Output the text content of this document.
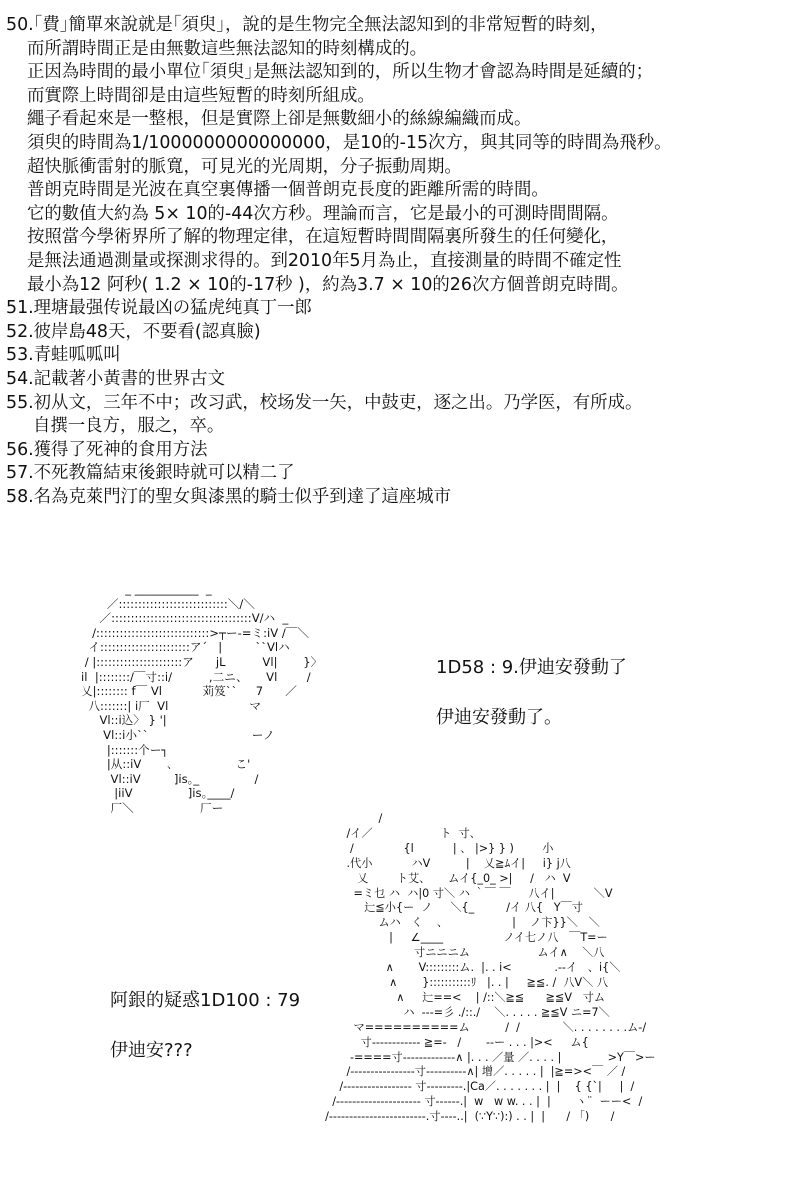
50.｢費｣簡單來說就是｢須臾｣，說的是生物完全無法認知到的非常短暫的時刻，
而所謂時間正是由無數這些無法認知的時刻構成的。
正因為時間的最小單位｢須臾｣是無法認知到的，所以生物才會認為時間是延續的；
而實際上時間卻是由這些短暫的時刻所組成。
繩子看起來是一整根，但是實際上卻是無數細小的絲線編織而成。
須臾的時間為1/1000000000000000，是10的-15次方，與其同等的時間為飛秒。
超快脈衝雷射的脈寬，可見光的光周期，分子振動周期。
普朗克時間是光波在真空裏傳播一個普朗克長度的距離所需的時間。
它的數值大約為 5× 10的-44次方秒。理論而言，它是最小的可測時間間隔。
按照當今學術界所了解的物理定律，在這短暫時間間隔裏所發生的任何變化，
是無法通過測量或探測求得的。到2010年5月為止，直接測量的時間不確定性
最小為12 阿秒( 1.2 × 10的-17秒 )，約為3.7 × 10的26次方個普朗克時間。
51.理塘最强传说最凶の猛虎纯真丁一郎
52.彼岸島48天，不要看(認真臉)
53.青蛙呱呱叫
54.記載著小黃書的世界古文
55.初从文，三年不中；改习武，校场发一矢，中鼓吏，逐之出。乃学医，有所成。
自撰一良方，服之，卒。
56.獲得了死神的食用方法
57.不死教篇結束後銀時就可以精二了
58.名為克萊門汀的聖女與漆黑的騎士似乎到達了這座城市
1D58 : 9.伊迪安發動了
伊迪安發動了。
阿銀的疑惑1D100 : 79
伊迪安???
_ ___________  _
／::::::::::::::::::::::::::::＼/＼
／::::::::::::::::::::::::::::::::::::V/ハ  _
/:::::::::::::::::::::::::::::>┬ー-=ミ:iV /￣＼
イ:::::::::::::::::::::::ア´   |         ``Vlハ
/ |::::::::::::::::::::::ア      jL          Vl|       }〉
il  |::::::::/￣寸::i/          ,二ニ、     Vl        /
乂|:::::::: f￣ Vl           苅笈``     7      ／
八:::::::| i厂  Vl                      マ
Vl::i込〉 } '|
Vl::i小``                            ーノ
|:::::::个ー┐
|从::iV       ､                 こ'
Vl::iV         ]is｡_               /
|iiV               ]is｡____/
厂＼                  厂ー
/
/イ／                   ト  寸、
/              {l           | 、 |>} } )        小
.代小           ハV          |    乂≧ﾑイ|     i} j八
乂        ト艾、     ムイ{_0_ >|     /   ハ  V
=ミ乜 ハ  ハ|0 寸＼ ハ ｀￣ ￣     八イ|           ＼V
辷≦小{ー  ノ     ＼{_         /イ 八{   Y￣寸
ムハ   く    、                  |    ノ卞}}＼   ＼
|     ∠____                 ノイ七ノ八   ￣T=ー
寸ニニニム                   ムイ∧    ＼八
∧       V:::::::::ム.  |. . i<            .--イ   、i{＼
∧       }:::::::::::ﾘ   |. . |     ≧≦. /  八V＼ 八
∧     辷==<    | /::＼≧≦      ≧≦V   寸ム
ハ  ---=彡 ./::./    ＼. . . . . ≧≦V ニ=7＼
マ==========ム          /  /            ＼. . . . . . . .ム-/
寸------------ ≧=-   /       --ー . . . |><     ム{
-====寸-------------∧ |. . . ／量 ／. . . . |             >Y￣>ー
/----------------寸----------∧| 增／. . . . . |  |≧=><￣ ／ /
/----------------- 寸---------.|Ca／. . . . . . . |  |    { {`|     |  /
/--------------------- 寸------.|  w   w w. . . |  |       ヽ¨  ーー<  /
/------------------------.寸----..|  (∵Y∵):) . . |  |      / 「)      /
